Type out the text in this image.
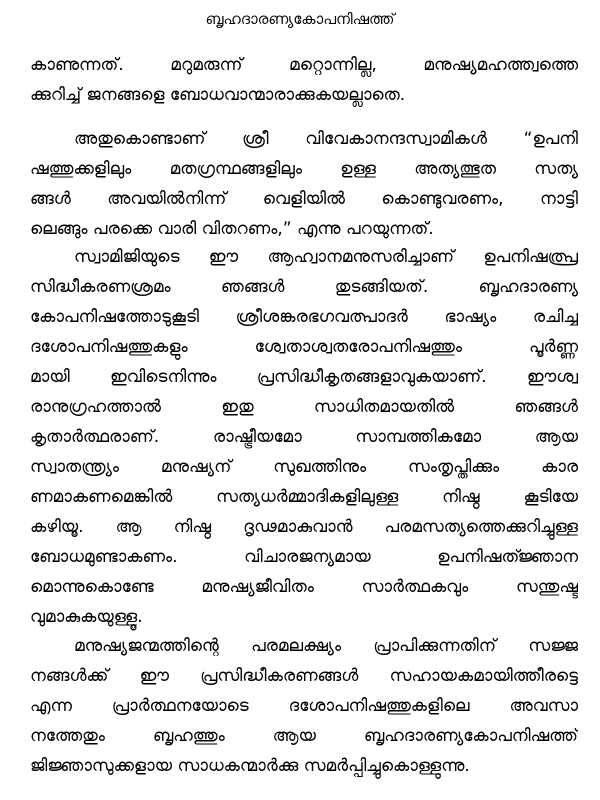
ബൃഹദാരണ്യകോപനിഷത്ത്
കാണുന്നത്. മറുമരുന്ന് മറ്റൊന്നില്ല, മനുഷ്യമഹത്ത്വത്തെ
ക്കുറിച്ച് ജനങ്ങളെ ബോധവാന്മാരാക്കുകയല്ലാതെ.
അതുകൊണ്ടാണ് ശ്രീ വിവേകാനന്ദസ്വാമികൾ “ഉപനി
ഷത്തുക്കളിലും മതഗ്രന്ഥങ്ങളിലും ഉള്ള അത്യത്ഭുത സത്യ
ങ്ങൾ അവയിൽനിന്ന് വെളിയിൽ കൊണ്ടുവരണം, നാട്ടി
ലെങ്ങും പരക്കെ വാരി വിതറണം,” എന്നു പറയുന്നത്.
സ്വാമിജിയുടെ ഈ ആഹ്വാനമനുസരിച്ചാണ് ഉപനിഷത്പ്ര
സിദ്ധീകരണശ്രമം ഞങ്ങൾ തുടങ്ങിയത്. ബൃഹദാരണ്യ
കോപനിഷത്തോടുകൂടി ശ്രീശങ്കരഭഗവത്പാദർ ഭാഷ്യം രചിച്ച
ദശോപനിഷത്തുകളും ശ്വേതാശ്വതരോപനിഷത്തും പൂർണ്ണ
മായി ഇവിടെനിന്നും പ്രസിദ്ധീകൃതങ്ങളാവുകയാണ്. ഈശ്വ
രാനുഗ്രഹത്താൽ ഇതു സാധിതമായതിൽ ഞങ്ങൾ
കൃതാർത്ഥരാണ്. രാഷ്ട്രീയമോ സാമ്പത്തികമോ ആയ
സ്വാതന്ത്ര്യം മനുഷ്യന് സുഖത്തിനും സംതൃപ്തിക്കും കാര
ണമാകണമെങ്കിൽ സത്യധർമ്മാദികളിലുള്ള നിഷ്ഠ കൂടിയേ
കഴിയൂ. ആ നിഷ്ഠ ദൃഢമാകുവാൻ പരമസത്യത്തെക്കുറിച്ചുള്ള
ബോധമുണ്ടാകണം. വിചാരജന്യമായ ഉപനിഷത്ജ്ഞാന
മൊന്നുകൊണ്ടേ മനുഷ്യജീവിതം സാർത്ഥകവും സന്തുഷ്ട
വുമാകുകയുള്ളൂ.
മനുഷ്യജന്മത്തിന്റെ പരമലക്ഷ്യം പ്രാപിക്കുന്നതിന് സജ്ജ
നങ്ങൾക്ക് ഈ പ്രസിദ്ധീകരണങ്ങൾ സഹായകമായിത്തീരട്ടെ
എന്ന പ്രാർത്ഥനയോടെ ദശോപനിഷത്തുകളിലെ അവസാ
നത്തേതും ബൃഹത്തും ആയ ബൃഹദാരണ്യകോപനിഷത്ത്
ജിജ്ഞാസുക്കളായ സാധകന്മാർക്കു സമർപ്പിച്ചുകൊള്ളുന്നു.
